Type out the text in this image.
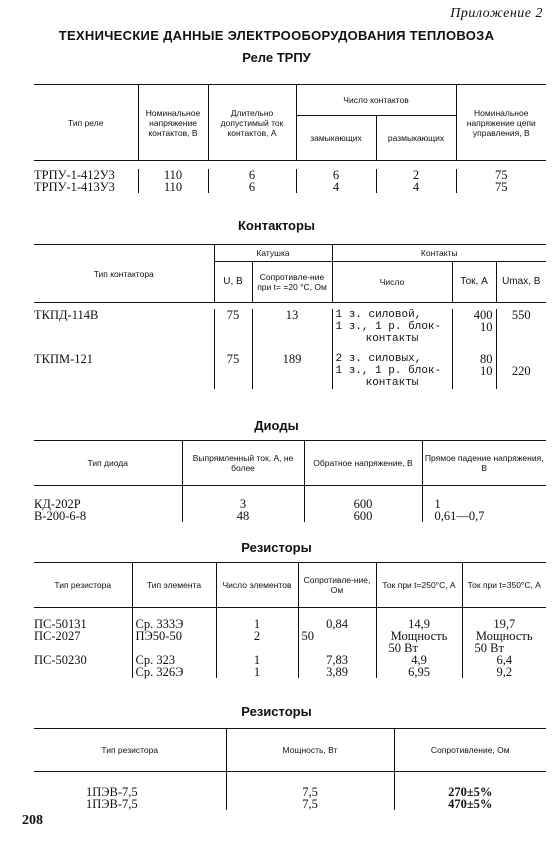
Приложение 2
ТЕХНИЧЕСКИЕ ДАННЫЕ ЭЛЕКТРООБОРУДОВАНИЯ ТЕПЛОВОЗА
Реле ТРПУ
Тип реле	Номинальное напряжение контактов, В	Длительно допустимый ток контактов, А	Число контактов		Номинальное напряжение цепи управления, В
			замыкающих	размыкающих	

ТРПУ-1-412У3	110	6	6	2	75
ТРПУ-1-413У3	110	6	4	4	75
Контакторы
Тип контактора	Катушка		Контакты		
	U, В	Сопротивле-ние при t= =20 °С, Ом	Число	Ток, А	Umax, В

ТКПД-114В	75	13	1 з. силовой,	400	550
			1 з., 1 р. блок-	10	
			контакты		

ТКПМ-121	75	189	2 з. силовых,	80	
			1 з., 1 р. блок-	10	220
			контакты		
Диоды
Тип диода	Выпрямленный ток, А, не более	Обратное напряжение, В	Прямое падение напряжения, В

КД-202Р	3	600	1
В-200-6-8	48	600	0,61—0,7
Резисторы
Тип резистора	Тип элемента	Число элементов	Сопротивле-ние, Ом	Ток при t=250°С, А	Ток при t=350°С, А

ПС-50131	Ср. 333Э	1	0,84	14,9	19,7
ПС-2027	ПЭ50-50	2	50	Мощность	Мощность
				50 Вт	50 Вт
ПС-50230	Ср. 323	1	7,83	4,9	6,4
	Ср. 326Э	1	3,89	6,95	9,2
Резисторы
Тип резистора	Мощность, Вт	Сопротивление, Ом

1ПЭВ-7,5	7,5	270±5%
1ПЭВ-7,5	7,5	470±5%
208
